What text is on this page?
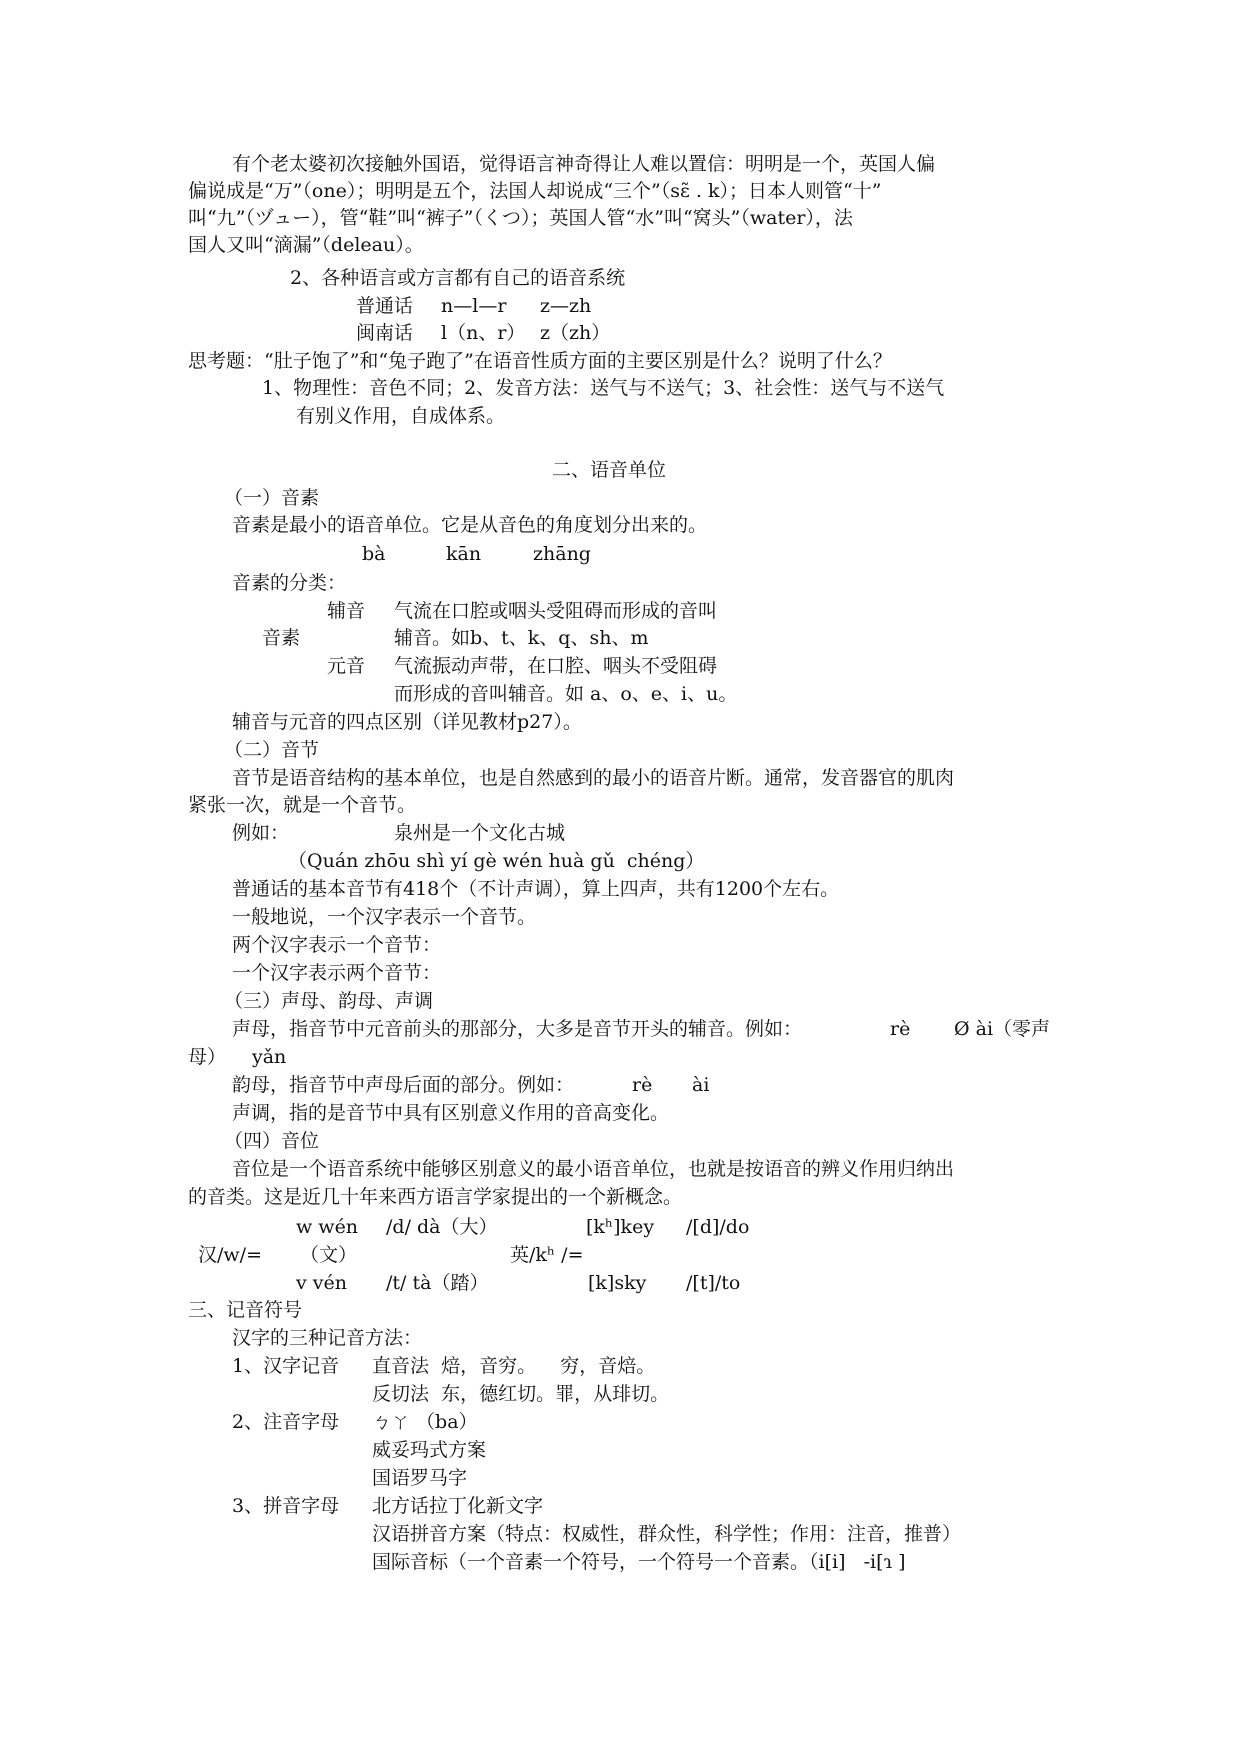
有个老太婆初次接触外国语，觉得语言神奇得让人难以置信：明明是一个，英国人偏
偏说成是“万”（one）；明明是五个，法国人却说成“三个”（sɛ̃ . k）；日本人则管“十”
叫“九”（ヅュー），管“鞋”叫“裤子”（くつ）；英国人管“水”叫“窝头”（water），法
国人又叫“滴漏”（deleau）。
2、各种语言或方言都有自己的语音系统
普通话 n—l—r z—zh
闽南话 l（n、r） z（zh）
思考题：“肚子饱了”和“兔子跑了”在语音性质方面的主要区别是什么？说明了什么？
1、物理性：音色不同；2、发音方法：送气与不送气；3、社会性：送气与不送气
有别义作用，自成体系。
二、语音单位
（一）音素
音素是最小的语音单位。它是从音色的角度划分出来的。
bà	kān	zhāng
音素的分类：
辅音 气流在口腔或咽头受阻碍而形成的音叫
音素	辅音。如b、t、k、q、sh、m
元音 气流振动声带，在口腔、咽头不受阻碍
而形成的音叫辅音。如 a、o、e、i、u。
辅音与元音的四点区别（详见教材p27）。
（二）音节
音节是语音结构的基本单位，也是自然感到的最小的语音片断。通常，发音器官的肌肉
紧张一次，就是一个音节。
例如：	泉州是一个文化古城
（Quán zhōu shì yí gè wén huà gǔ  chéng）
普通话的基本音节有418个（不计声调），算上四声，共有1200个左右。
一般地说，一个汉字表示一个音节。
两个汉字表示一个音节：
一个汉字表示两个音节：
（三）声母、韵母、声调
声母，指音节中元音前头的那部分，大多是音节开头的辅音。例如：	rè Ø ài（零声
母） yǎn
韵母，指音节中声母后面的部分。例如：	rè ài
声调，指的是音节中具有区别意义作用的音高变化。
（四）音位
音位是一个语音系统中能够区别意义的最小语音单位，也就是按语音的辨义作用归纳出
的音类。这是近几十年来西方语言学家提出的一个新概念。
w wén /d/ dà（大）	[kʰ]key /[d]/do
汉/w/= （文）	英/kʰ /=
v vén /t/ tà（踏）	[k]sky /[t]/to
三、记音符号
汉字的三种记音方法：
1、汉字记音 直音法  焙，音穷。    穷，音焙。
反切法  东，德红切。罪，从琲切。
2、注音字母 ㄅㄚ （ba）
威妥玛式方案
国语罗马字
3、拼音字母 北方话拉丁化新文字
汉语拼音方案（特点：权威性，群众性，科学性；作用：注音，推普）
国际音标（一个音素一个符号，一个符号一个音素。（i[i]   -i[ɿ ]
